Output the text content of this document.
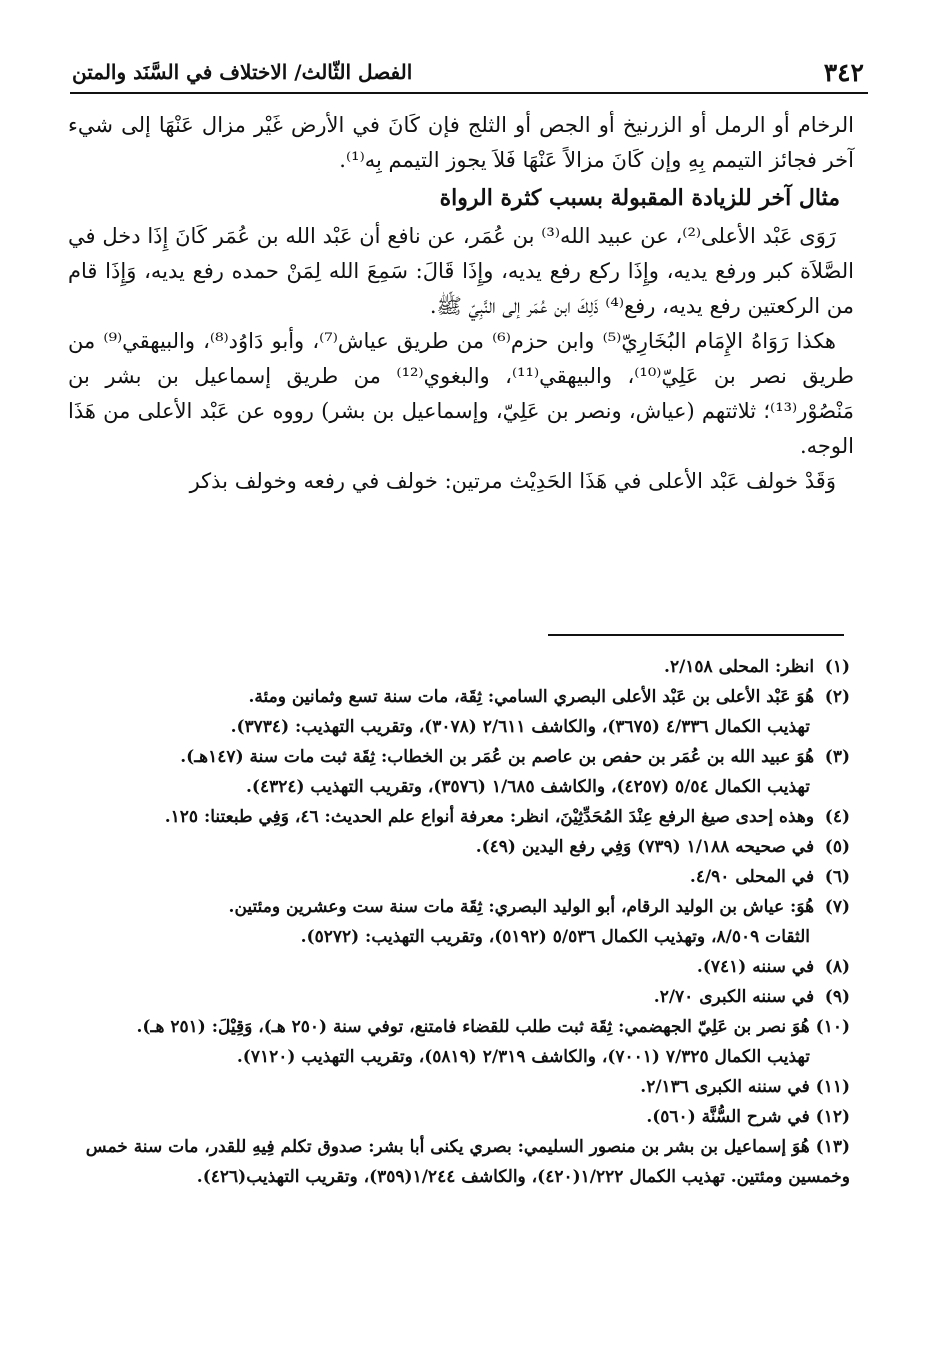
٣٤٢
الفصل الثّالث/ الاختلاف في السَّنَد والمتن

الرخام أو الرمل أو الزرنيخ أو الجص أو الثلج فإن كَانَ في الأرض غَيْر مزال عَنْهَا إلى شيء آخر فجائز التيمم بِهِ وإن كَانَ مزالاً عَنْهَا فَلاَ يجوز التيمم بِه⁽¹⁾.

مثال آخر للزيادة المقبولة بسبب كثرة الرواة

رَوَى عَبْد الأعلى⁽²⁾، عن عبيد الله⁽³⁾ بن عُمَر، عن نافع أن عَبْد الله بن عُمَر كَانَ إِذَا دخل في الصَّلاَة كبر ورفع يديه، وإِذَا ركع رفع يديه، وإِذَا قَالَ: سَمِعَ الله لِمَنْ حمده رفع يديه، وَإِذَا قام من الركعتين رفع يديه، رفع⁽⁴⁾ ذَلِكَ ابن عُمَر إلى النَّبِيّ ﷺ.

هكذا رَوَاهُ الإِمَام البُخَارِيّ⁽⁵⁾ وابن حزم⁽⁶⁾ من طريق عياش⁽⁷⁾، وأبو دَاوُد⁽⁸⁾، والبيهقي⁽⁹⁾ من طريق نصر بن عَلِيّ⁽¹⁰⁾، والبيهقي⁽¹¹⁾، والبغوي⁽¹²⁾ من طريق إسماعيل بن بشر بن مَنْصُوْر⁽¹³⁾؛ ثلاثتهم (عياش، ونصر بن عَلِيّ، وإسماعيل بن بشر) رووه عن عَبْد الأعلى من هَذَا الوجه.

وَقَدْ خولف عَبْد الأعلى في هَذَا الحَدِيْث مرتين: خولف في رفعه وخولف بذكر

(١) انظر: المحلى ٢/١٥٨.
(٢) هُوَ عَبْد الأعلى بن عَبْد الأعلى البصري السامي: ثِقَة، مات سنة تسع وثمانين ومئة.
تهذيب الكمال ٤/٣٣٦ (٣٦٧٥)، والكاشف ٢/٦١١ (٣٠٧٨)، وتقريب التهذيب: (٣٧٣٤).
(٣) هُوَ عبيد الله بن عُمَر بن حفص بن عاصم بن عُمَر بن الخطاب: ثِقَة ثبت مات سنة (١٤٧هـ).
تهذيب الكمال ٥/٥٤ (٤٢٥٧)، والكاشف ١/٦٨٥ (٣٥٧٦)، وتقريب التهذيب (٤٣٢٤).
(٤) وهذه إحدى صيغ الرفع عِنْدَ المُحَدِّثِيْنَ، انظر: معرفة أنواع علم الحديث: ٤٦، وَفِي طبعتنا: ١٢٥.
(٥) في صحيحه ١/١٨٨ (٧٣٩) وَفِي رفع اليدين (٤٩).
(٦) في المحلى ٤/٩٠.
(٧) هُوَ: عياش بن الوليد الرقام، أبو الوليد البصري: ثِقَة مات سنة ست وعشرين ومئتين.
الثقات ٨/٥٠٩، وتهذيب الكمال ٥/٥٣٦ (٥١٩٢)، وتقريب التهذيب: (٥٢٧٢).
(٨) في سننه (٧٤١).
(٩) في سننه الكبرى ٢/٧٠.
(١٠) هُوَ نصر بن عَلِيّ الجهضمي: ثِقَة ثبت طلب للقضاء فامتنع، توفي سنة (٢٥٠ هـ)، وَقِيْلَ: (٢٥١ هـ).
تهذيب الكمال ٧/٣٢٥ (٧٠٠١)، والكاشف ٢/٣١٩ (٥٨١٩)، وتقريب التهذيب (٧١٢٠).
(١١) في سننه الكبرى ٢/١٣٦.
(١٢) في شرح السُّنَّة (٥٦٠).
(١٣) هُوَ إسماعيل بن بشر بن منصور السليمي: بصري يكنى أبا بشر: صدوق تكلم فِيهِ للقدر، مات سنة خمس وخمسين ومئتين. تهذيب الكمال ١/٢٢٢(٤٢٠)، والكاشف ١/٢٤٤(٣٥٩)، وتقريب التهذيب(٤٢٦).
